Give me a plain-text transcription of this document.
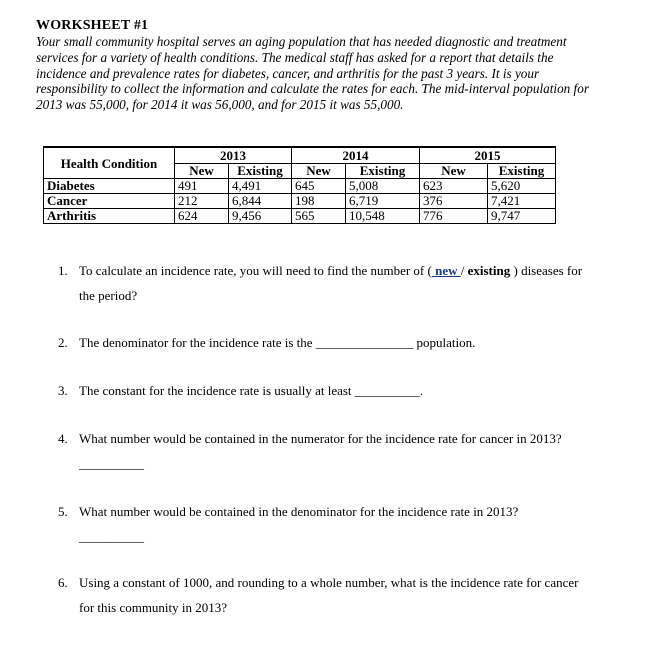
WORKSHEET #1
Your small community hospital serves an aging population that has needed diagnostic and treatment services for a variety of health conditions. The medical staff has asked for a report that details the incidence and prevalence rates for diabetes, cancer, and arthritis for the past 3 years. It is your responsibility to collect the information and calculate the rates for each. The mid-interval population for 2013 was 55,000, for 2014 it was 56,000, and for 2015 it was 55,000.
Health Condition	2013		2014		2015	
	New	Existing	New	Existing	New	Existing
Diabetes	491	4,491	645	5,008	623	5,620
Cancer	212	6,844	198	6,719	376	7,421
Arthritis	624	9,456	565	10,548	776	9,747
1. To calculate an incidence rate, you will need to find the number of ( new / existing ) diseases for the period?
2. The denominator for the incidence rate is the _______________ population.
3. The constant for the incidence rate is usually at least __________.
4. What number would be contained in the numerator for the incidence rate for cancer in 2013? __________
5. What number would be contained in the denominator for the incidence rate in 2013?
__________
6. Using a constant of 1000, and rounding to a whole number, what is the incidence rate for cancer for this community in 2013?
